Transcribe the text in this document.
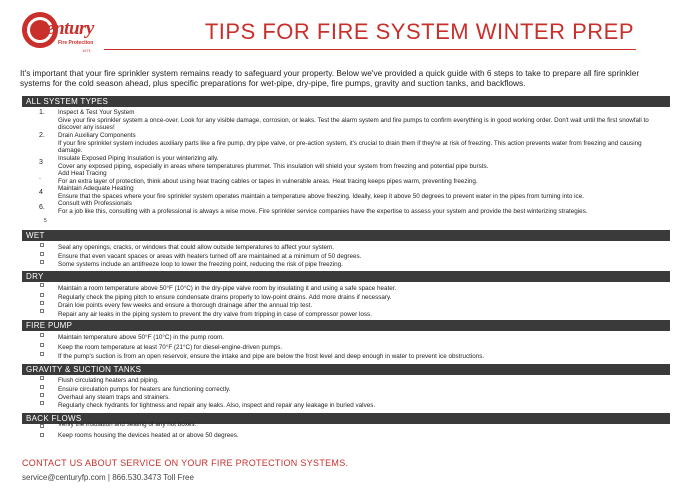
Century
Fire Protection
1971
TIPS FOR FIRE SYSTEM WINTER PREP
It's important that your fire sprinkler system remains ready to safeguard your property. Below we've provided a quick guide with 6 steps to take to prepare all fire sprinkler systems for the cold season ahead, plus specific preparations for wet-pipe, dry-pipe, fire pumps, gravity and suction tanks, and backflows.
ALL SYSTEM TYPES
1. Inspect & Test Your System
Give your fire sprinkler system a once-over. Look for any visible damage, corrosion, or leaks. Test the alarm system and fire pumps to confirm everything is in good working order. Don't wait until the first snowfall to discover any issues!
2. Drain Auxiliary Components
If your fire sprinkler system includes auxiliary parts like a fire pump, dry pipe valve, or pre-action system, it's crucial to drain them if they're at risk of freezing. This action prevents water from freezing and causing damage.
3
Insulate Exposed Piping Insulation is your winterizing ally.
Cover any exposed piping, especially in areas where temperatures plummet. This insulation will shield your system from freezing and potential pipe bursts.
.
Add Heat Tracing
For an extra layer of protection, think about using heat tracing cables or tapes in vulnerable areas. Heat tracing keeps pipes warm, preventing freezing.
4
Maintain Adequate Heating
Ensure that the spaces where your fire sprinkler system operates maintain a temperature above freezing. Ideally, keep it above 50 degrees to prevent water in the pipes from turning into ice.
6.
Consult with Professionals
For a job like this, consulting with a professional is always a wise move. Fire sprinkler service companies have the expertise to assess your system and provide the best winterizing strategies.
5
WET
Seal any openings, cracks, or windows that could allow outside temperatures to affect your system.
Ensure that even vacant spaces or areas with heaters turned off are maintained at a minimum of 50 degrees.
Some systems include an antifreeze loop to lower the freezing point, reducing the risk of pipe freezing.
DRY
Maintain a room temperature above 50°F (10°C) in the dry-pipe valve room by insulating it and using a safe space heater.
Regularly check the piping pitch to ensure condensate drains properly to low-point drains. Add more drains if necessary.
Drain low points every few weeks and ensure a thorough drainage after the annual trip test.
Repair any air leaks in the piping system to prevent the dry valve from tripping in case of compressor power loss.
FIRE PUMP
Maintain temperature above 50°F (10°C) in the pump room.
Keep the room temperature at least 70°F (21°C) for diesel-engine-driven pumps.
If the pump's suction is from an open reservoir, ensure the intake and pipe are below the frost level and deep enough in water to prevent ice obstructions.
GRAVITY & SUCTION TANKS
Flush circulating heaters and piping.
Ensure circulation pumps for heaters are functioning correctly.
Overhaul any steam traps and strainers.
Regularly check hydrants for tightness and repair any leaks. Also, inspect and repair any leakage in buried valves.
BACK FLOWS
Verify the insulation and sealing of any hot boxes.
Keep rooms housing the devices heated at or above 50 degrees.
CONTACT US ABOUT SERVICE ON YOUR FIRE PROTECTION SYSTEMS.
service@centuryfp.com | 866.530.3473 Toll Free
